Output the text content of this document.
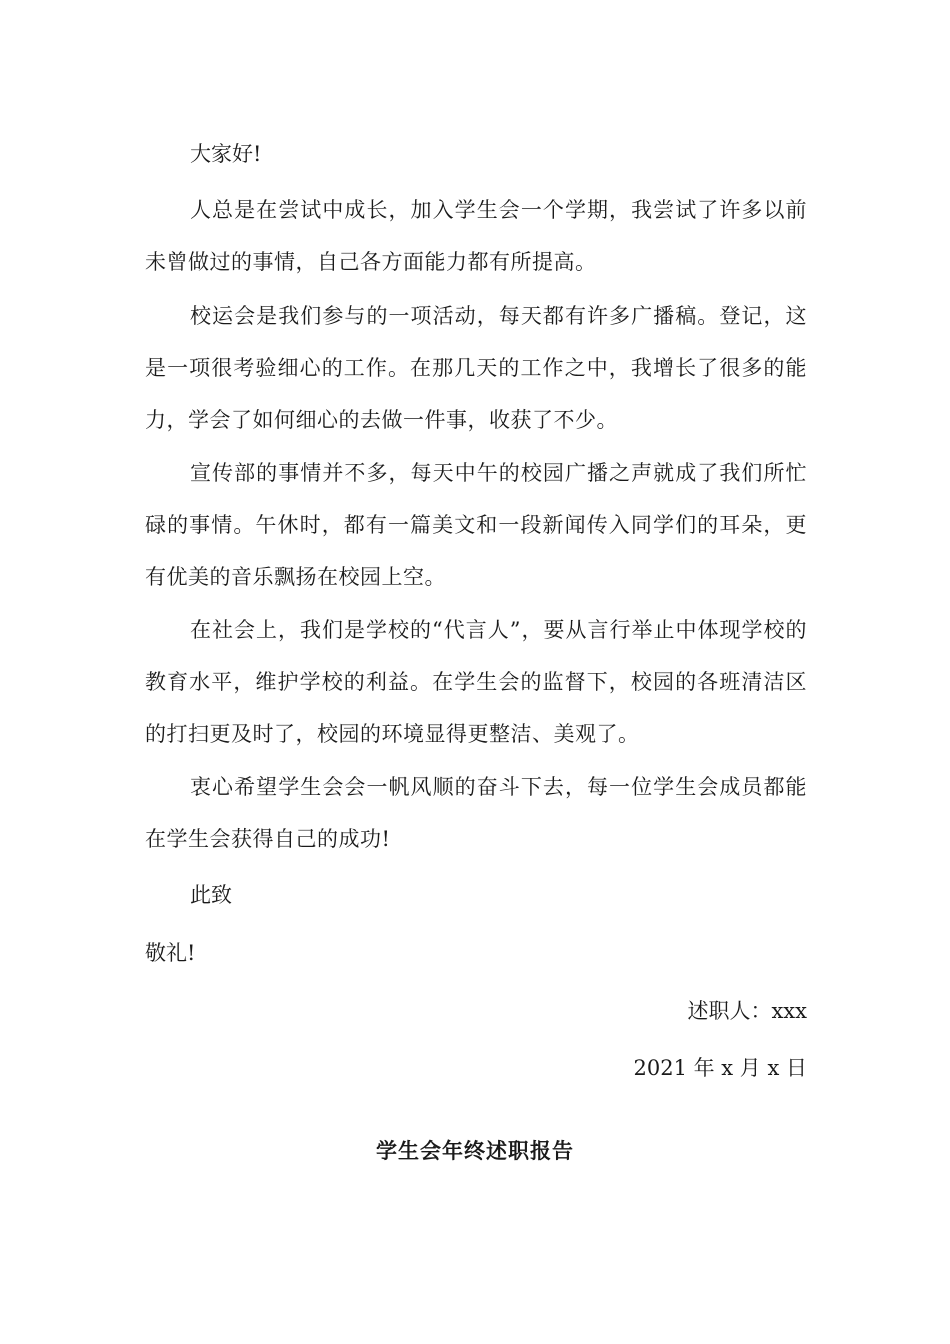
大家好!

人总是在尝试中成长，加入学生会一个学期，我尝试了许多以前未曾做过的事情，自己各方面能力都有所提高。

校运会是我们参与的一项活动，每天都有许多广播稿。登记，这是一项很考验细心的工作。在那几天的工作之中，我增长了很多的能力，学会了如何细心的去做一件事，收获了不少。

宣传部的事情并不多，每天中午的校园广播之声就成了我们所忙碌的事情。午休时，都有一篇美文和一段新闻传入同学们的耳朵，更有优美的音乐飘扬在校园上空。

在社会上，我们是学校的“代言人”，要从言行举止中体现学校的教育水平，维护学校的利益。在学生会的监督下，校园的各班清洁区的打扫更及时了，校园的环境显得更整洁、美观了。

衷心希望学生会会一帆风顺的奋斗下去，每一位学生会成员都能在学生会获得自己的成功!

此致
敬礼!
述职人：xxx
2021 年 x 月 x 日
学生会年终述职报告
